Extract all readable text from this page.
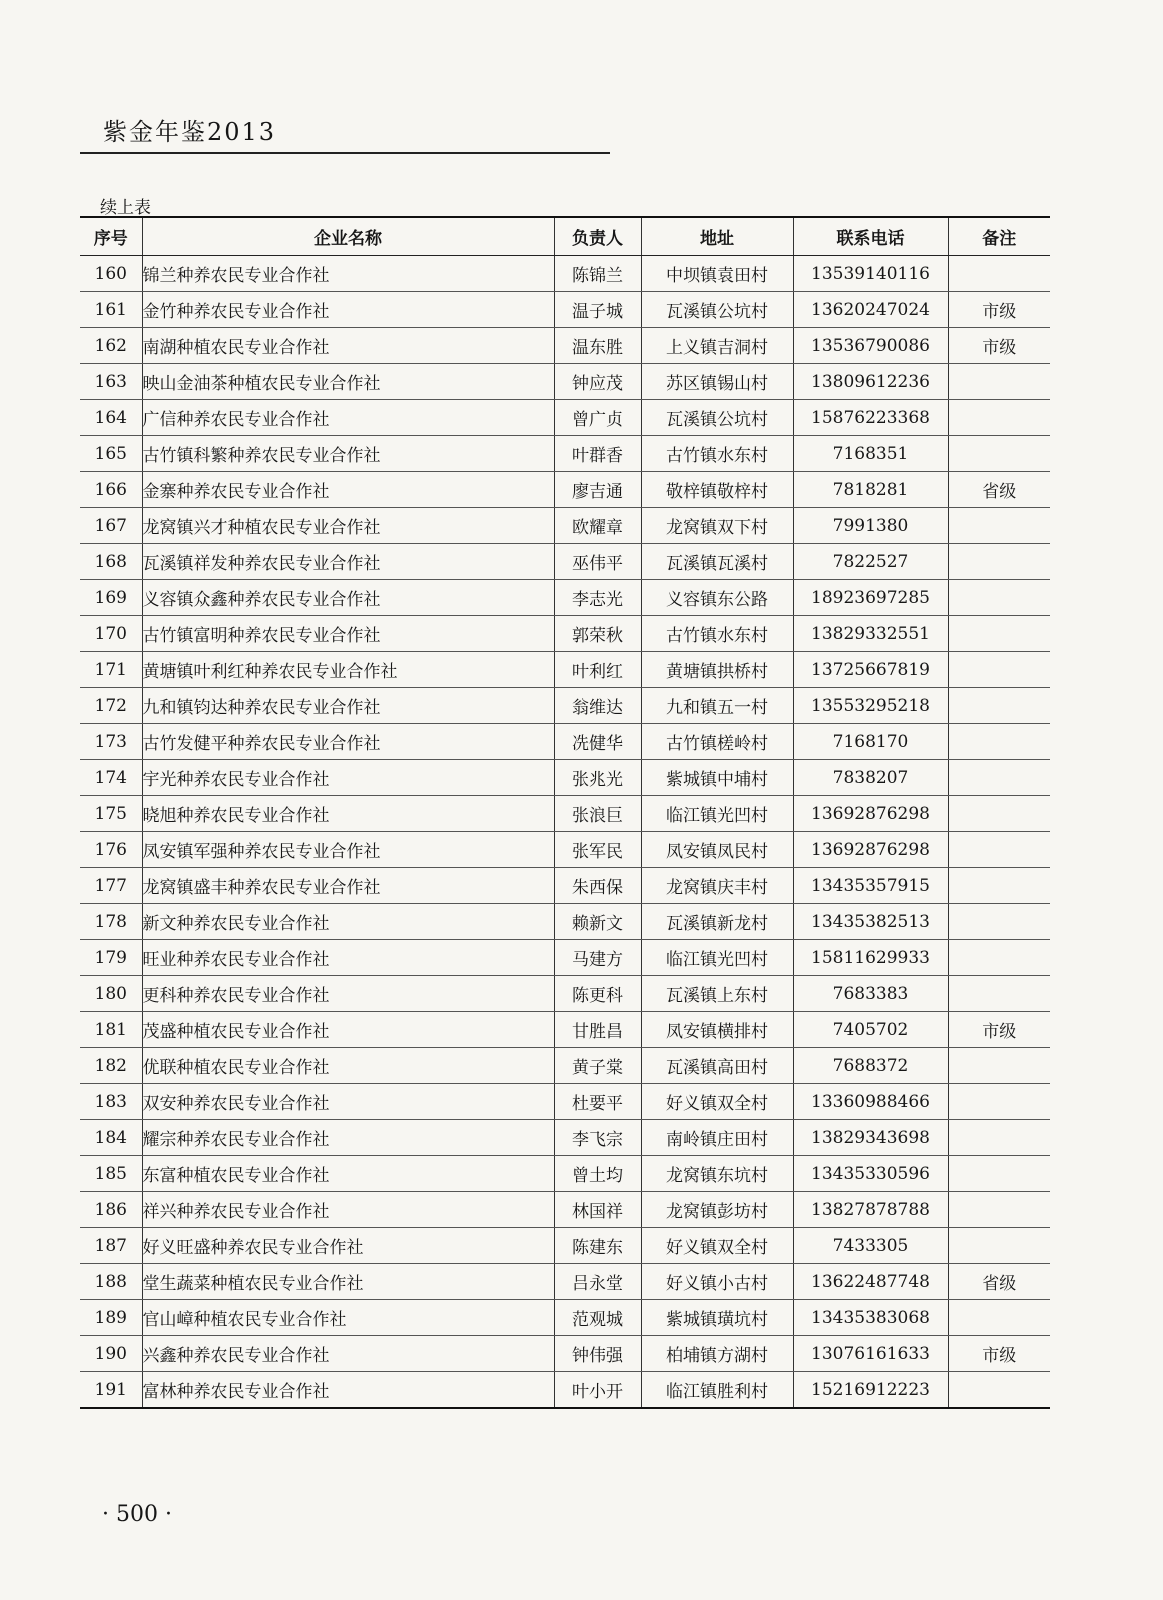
紫金年鉴2013
续上表
序号	企业名称	负责人	地址	联系电话	备注
160	锦兰种养农民专业合作社	陈锦兰	中坝镇袁田村	13539140116	
161	金竹种养农民专业合作社	温子城	瓦溪镇公坑村	13620247024	市级
162	南湖种植农民专业合作社	温东胜	上义镇吉洞村	13536790086	市级
163	映山金油茶种植农民专业合作社	钟应茂	苏区镇锡山村	13809612236	
164	广信种养农民专业合作社	曾广贞	瓦溪镇公坑村	15876223368	
165	古竹镇科繁种养农民专业合作社	叶群香	古竹镇水东村	7168351	
166	金寨种养农民专业合作社	廖吉通	敬梓镇敬梓村	7818281	省级
167	龙窝镇兴才种植农民专业合作社	欧耀章	龙窝镇双下村	7991380	
168	瓦溪镇祥发种养农民专业合作社	巫伟平	瓦溪镇瓦溪村	7822527	
169	义容镇众鑫种养农民专业合作社	李志光	义容镇东公路	18923697285	
170	古竹镇富明种养农民专业合作社	郭荣秋	古竹镇水东村	13829332551	
171	黄塘镇叶利红种养农民专业合作社	叶利红	黄塘镇拱桥村	13725667819	
172	九和镇钧达种养农民专业合作社	翁维达	九和镇五一村	13553295218	
173	古竹发健平种养农民专业合作社	冼健华	古竹镇槎岭村	7168170	
174	宇光种养农民专业合作社	张兆光	紫城镇中埔村	7838207	
175	晓旭种养农民专业合作社	张浪巨	临江镇光凹村	13692876298	
176	凤安镇军强种养农民专业合作社	张军民	凤安镇凤民村	13692876298	
177	龙窝镇盛丰种养农民专业合作社	朱西保	龙窝镇庆丰村	13435357915	
178	新文种养农民专业合作社	赖新文	瓦溪镇新龙村	13435382513	
179	旺业种养农民专业合作社	马建方	临江镇光凹村	15811629933	
180	更科种养农民专业合作社	陈更科	瓦溪镇上东村	7683383	
181	茂盛种植农民专业合作社	甘胜昌	凤安镇横排村	7405702	市级
182	优联种植农民专业合作社	黄子棠	瓦溪镇高田村	7688372	
183	双安种养农民专业合作社	杜要平	好义镇双全村	13360988466	
184	耀宗种养农民专业合作社	李飞宗	南岭镇庄田村	13829343698	
185	东富种植农民专业合作社	曾土均	龙窝镇东坑村	13435330596	
186	祥兴种养农民专业合作社	林国祥	龙窝镇彭坊村	13827878788	
187	好义旺盛种养农民专业合作社	陈建东	好义镇双全村	7433305	
188	堂生蔬菜种植农民专业合作社	吕永堂	好义镇小古村	13622487748	省级
189	官山嶂种植农民专业合作社	范观城	紫城镇璜坑村	13435383068	
190	兴鑫种养农民专业合作社	钟伟强	柏埔镇方湖村	13076161633	市级
191	富林种养农民专业合作社	叶小开	临江镇胜利村	15216912223	
· 500 ·
